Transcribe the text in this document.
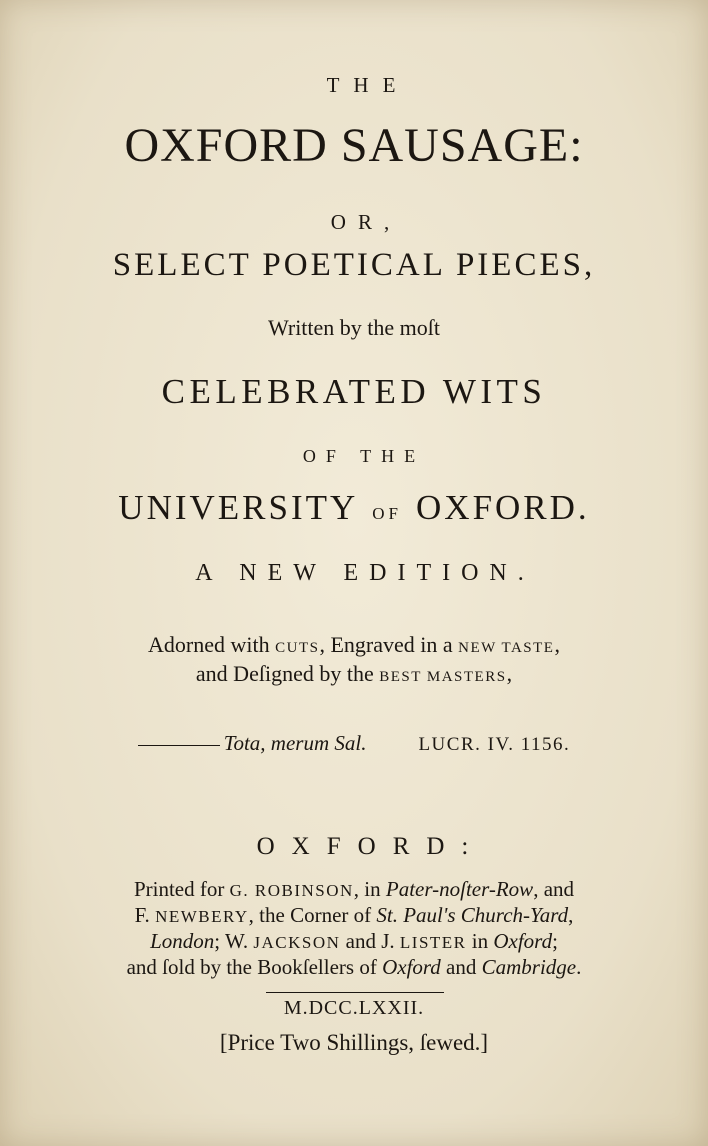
THE
OXFORD SAUSAGE:
OR,
SELECT POETICAL PIECES,
Written by the moſt
CELEBRATED WITS
OF THE
UNIVERSITY OF OXFORD.
A NEW EDITION.
Adorned with CUTS, Engraved in a NEW TASTE,
and Deſigned by the BEST MASTERS,
Tota, merum Sal.	LUCR. IV. 1156.
OXFORD:
Printed for G. ROBINSON, in Pater-noſter-Row, and
F. NEWBERY, the Corner of St. Paul's Church-Yard,
London; W. JACKSON and J. LISTER in Oxford;
and ſold by the Bookſellers of Oxford and Cambridge.
M.DCC.LXXII.
[Price Two Shillings, ſewed.]
